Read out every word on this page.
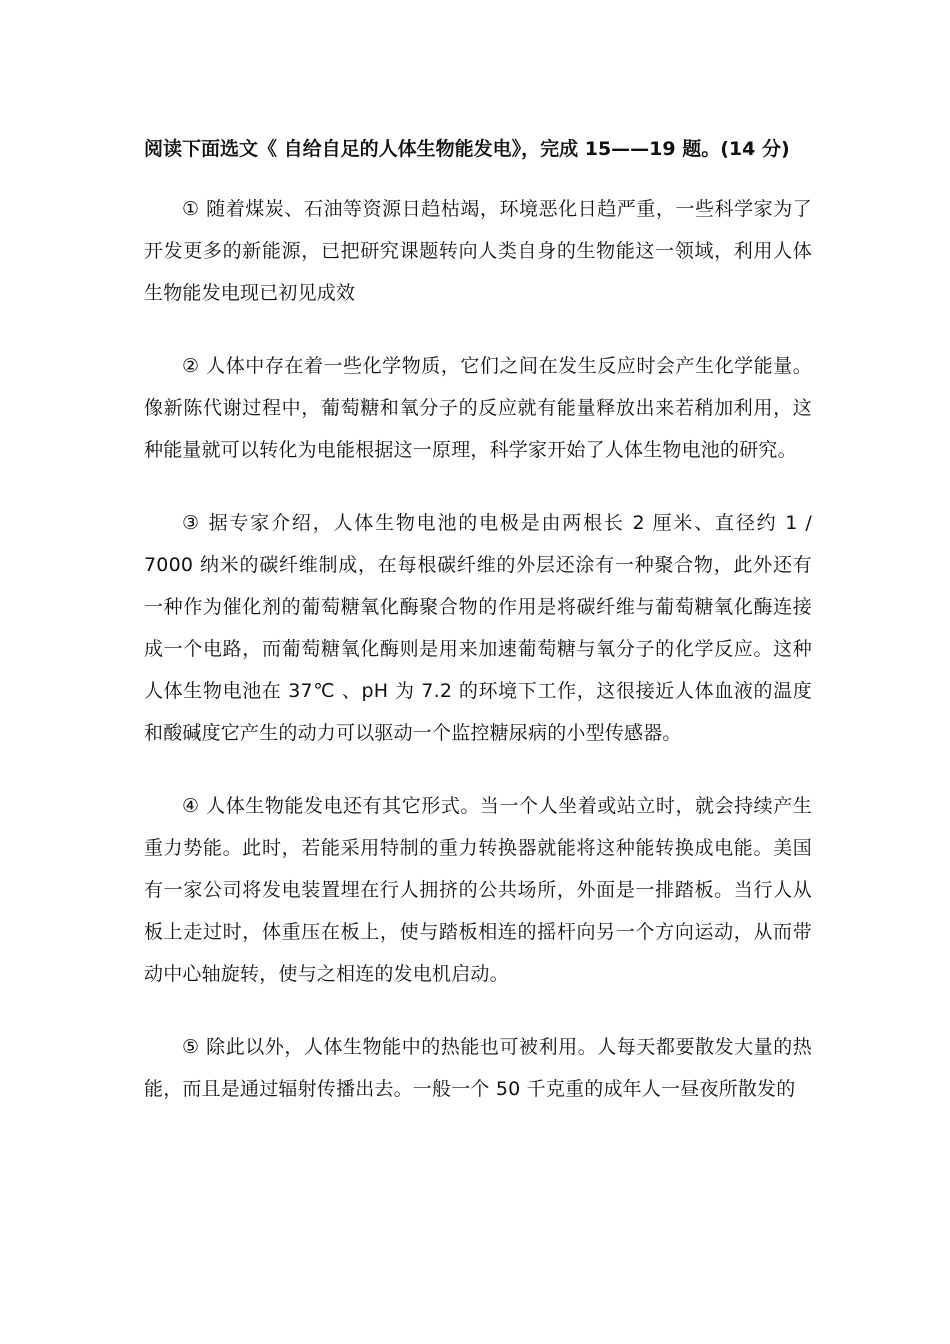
阅读下面选文《 自给自足的人体生物能发电》，完成 15——19 题。(14 分)

① 随着煤炭、石油等资源日趋枯竭，环境恶化日趋严重，一些科学家为了开发更多的新能源，已把研究课题转向人类自身的生物能这一领域，利用人体生物能发电现已初见成效

② 人体中存在着一些化学物质，它们之间在发生反应时会产生化学能量。像新陈代谢过程中，葡萄糖和氧分子的反应就有能量释放出来若稍加利用，这种能量就可以转化为电能根据这一原理，科学家开始了人体生物电池的研究。

③ 据专家介绍，人体生物电池的电极是由两根长 2 厘米、直径约 1 / 7000 纳米的碳纤维制成，在每根碳纤维的外层还涂有一种聚合物，此外还有一种作为催化剂的葡萄糖氧化酶聚合物的作用是将碳纤维与葡萄糖氧化酶连接成一个电路，而葡萄糖氧化酶则是用来加速葡萄糖与氧分子的化学反应。这种人体生物电池在 37℃ 、pH 为 7.2 的环境下工作，这很接近人体血液的温度和酸碱度它产生的动力可以驱动一个监控糖尿病的小型传感器。

④ 人体生物能发电还有其它形式。当一个人坐着或站立时，就会持续产生重力势能。此时，若能采用特制的重力转换器就能将这种能转换成电能。美国有一家公司将发电装置埋在行人拥挤的公共场所，外面是一排踏板。当行人从板上走过时，体重压在板上，使与踏板相连的摇杆向另一个方向运动，从而带动中心轴旋转，使与之相连的发电机启动。

⑤ 除此以外，人体生物能中的热能也可被利用。人每天都要散发大量的热能，而且是通过辐射传播出去。一般一个 50 千克重的成年人一昼夜所散发的
